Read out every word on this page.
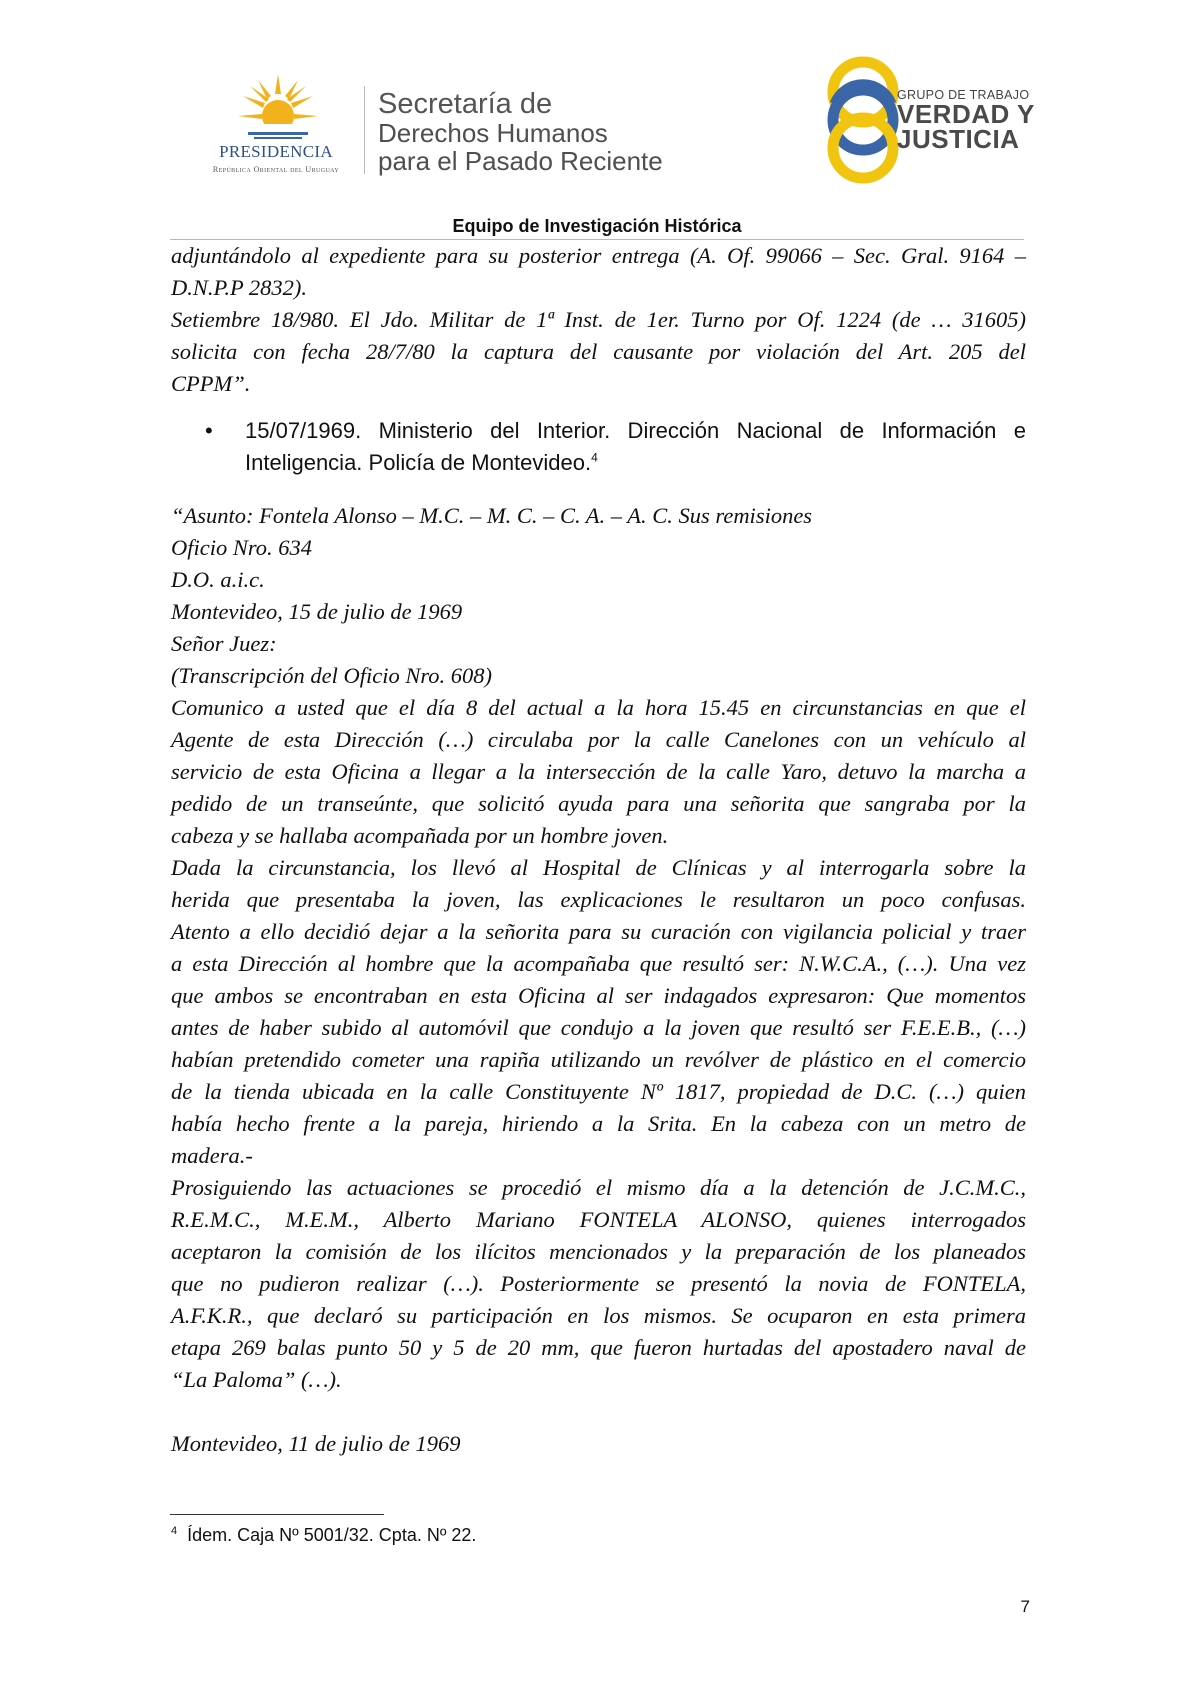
PRESIDENCIA
República Oriental del Uruguay
Secretaría de
Derechos Humanos
para el Pasado Reciente
GRUPO DE TRABAJO
VERDAD Y
JUSTICIA
Equipo de Investigación Histórica
adjuntándolo al expediente para su posterior entrega (A. Of. 99066 – Sec. Gral. 9164 –
D.N.P.P 2832).
Setiembre 18/980. El Jdo. Militar de 1ª Inst. de 1er. Turno por Of. 1224 (de … 31605)
solicita con fecha 28/7/80 la captura del causante por violación del Art. 205 del
CPPM”.
• 15/07/1969. Ministerio del Interior. Dirección Nacional de Información e
Inteligencia. Policía de Montevideo.$^4$
“Asunto: Fontela Alonso – M.C. – M. C. – C. A. – A. C. Sus remisiones
Oficio Nro. 634
D.O. a.i.c.
Montevideo, 15 de julio de 1969
Señor Juez:
(Transcripción del Oficio Nro. 608)
Comunico a usted que el día 8 del actual a la hora 15.45 en circunstancias en que el
Agente de esta Dirección (…) circulaba por la calle Canelones con un vehículo al
servicio de esta Oficina a llegar a la intersección de la calle Yaro, detuvo la marcha a
pedido de un transeúnte, que solicitó ayuda para una señorita que sangraba por la
cabeza y se hallaba acompañada por un hombre joven.
Dada la circunstancia, los llevó al Hospital de Clínicas y al interrogarla sobre la
herida que presentaba la joven, las explicaciones le resultaron un poco confusas.
Atento a ello decidió dejar a la señorita para su curación con vigilancia policial y traer
a esta Dirección al hombre que la acompañaba que resultó ser: N.W.C.A., (…). Una vez
que ambos se encontraban en esta Oficina al ser indagados expresaron: Que momentos
antes de haber subido al automóvil que condujo a la joven que resultó ser F.E.E.B., (…)
habían pretendido cometer una rapiña utilizando un revólver de plástico en el comercio
de la tienda ubicada en la calle Constituyente Nº 1817, propiedad de D.C. (…) quien
había hecho frente a la pareja, hiriendo a la Srita. En la cabeza con un metro de
madera.-
Prosiguiendo las actuaciones se procedió el mismo día a la detención de J.C.M.C.,
R.E.M.C., M.E.M., Alberto Mariano FONTELA ALONSO, quienes interrogados
aceptaron la comisión de los ilícitos mencionados y la preparación de los planeados
que no pudieron realizar (…). Posteriormente se presentó la novia de FONTELA,
A.F.K.R., que declaró su participación en los mismos. Se ocuparon en esta primera
etapa 269 balas punto 50 y 5 de 20 mm, que fueron hurtadas del apostadero naval de
“La Paloma” (…).
Montevideo, 11 de julio de 1969
$^4$ Ídem. Caja Nº 5001/32. Cpta. Nº 22.
7
